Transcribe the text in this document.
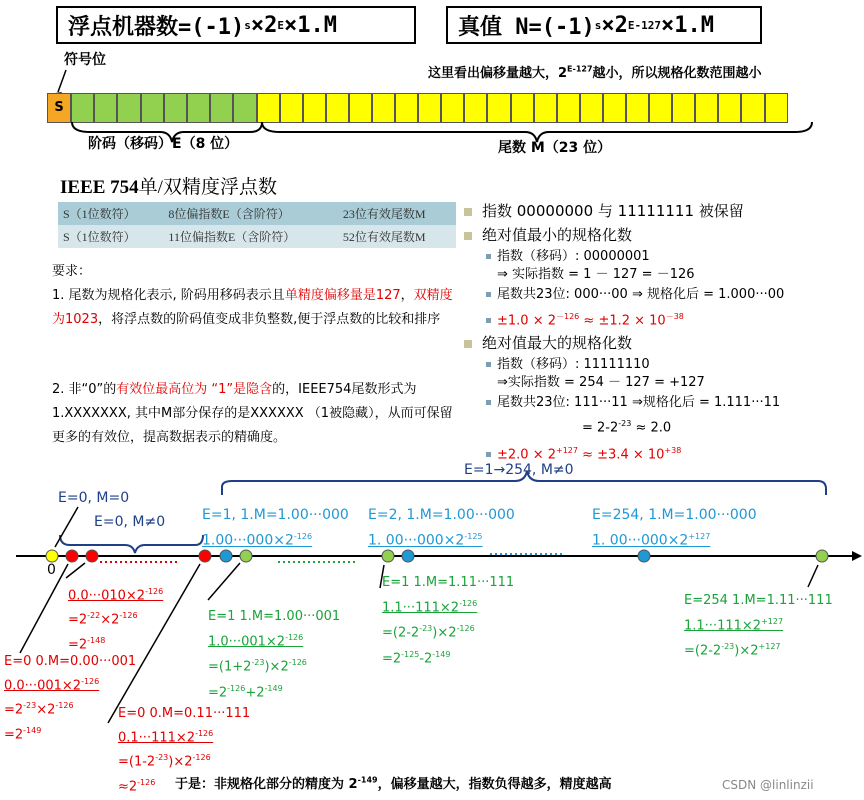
浮点机器数=(-1) s ×2 E ×1.M	真值 N=(-1) s ×2 E-127 ×1.M
符号位
这里看出偏移量越大，$2^{E-127}$越小，所以规格化数范围越小
S
阶码（移码）E（8 位）	尾数 M（23 位）
IEEE 754单/双精度浮点数
S（1位数符）	8位偏指数E（含阶符）	23位有效尾数M
S（1位数符）	11位偏指数E（含阶符）	52位有效尾数M
要求：
1. 尾数为规格化表示, 阶码用移码表示且单精度偏移量是127，双精度为1023，将浮点数的阶码值变成非负整数,便于浮点数的比较和排序
2. 非“0”的有效位最高位为 “1”是隐含的，IEEE754尾数形式为1.XXXXXXX, 其中M部分保存的是XXXXXX （1被隐藏），从而可保留更多的有效位，提高数据表示的精确度。
指数 00000000 与 11111111 被保留
绝对值最小的规格化数
指数（移码）: 00000001
⇒ 实际指数 = 1 － 127 = －126
尾数共23位: 000···00 ⇒ 规格化后 = 1.000···00
$\pm 1.0 \times 2^{-126} \approx \pm 1.2 \times 10^{-38}$
绝对值最大的规格化数
指数（移码）: 11111110
⇒实际指数 = 254 － 127 = +127
尾数共23位: 111···11 ⇒规格化后 = 1.111···11
= $2-2^{-23} \approx 2.0$
$\pm 2.0 \times 2^{+127} \approx \pm 3.4 \times 10^{+38}$
E=1→254, M≠0
E=0, M=0
E=0, M≠0
0
E=1, 1.M=1.00···000
$1.00\cdot\cdot\cdot 000\times 2^{-126}$
E=2, 1.M=1.00···000
1. $00\cdot\cdot\cdot 000\times 2^{-125}$
E=254, 1.M=1.00···000
1. $00\cdot\cdot\cdot 000\times 2^{+127}$
$0.0\cdot\cdot\cdot 010\times 2^{-126}$
$=2^{-22}\times 2^{-126}$
$=2^{-148}$
E=0 0.M=0.00···001
$0.0\cdot\cdot\cdot 001\times 2^{-126}$
$=2^{-23}\times 2^{-126}$
$=2^{-149}$
E=0 0.M=0.11···111
$0.1\cdot\cdot\cdot 111\times 2^{-126}$
$=(1-2^{-23})\times 2^{-126}$
$\approx 2^{-126}$
E=1 1.M=1.00···001
$1.0\cdot\cdot\cdot 001\times 2^{-126}$
$=(1+2^{-23})\times 2^{-126}$
$=2^{-126}+2^{-149}$
E=1 1.M=1.11···111
$1.1\cdot\cdot\cdot 111\times 2^{-126}$
$=(2-2^{-23})\times 2^{-126}$
$=2^{-125}-2^{-149}$
E=254 1.M=1.11···111
$1.1\cdot\cdot\cdot 111\times 2^{+127}$
$=(2-2^{-23})\times 2^{+127}$
于是：非规格化部分的精度为 $2^{-149}$，偏移量越大，指数负得越多，精度越高	CSDN @linlinzii
